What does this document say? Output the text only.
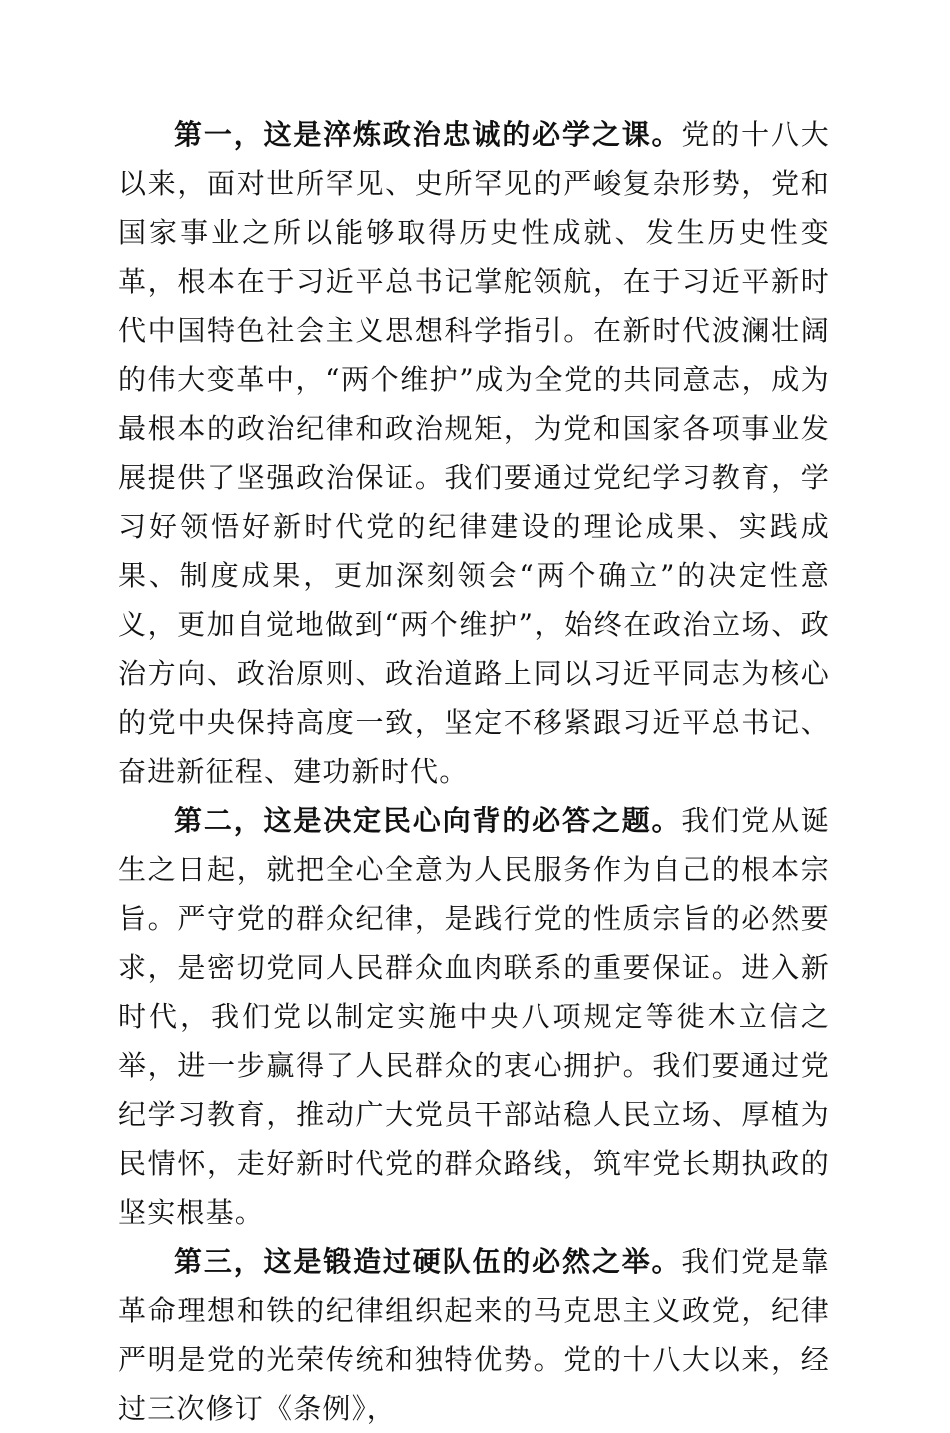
第一，这是淬炼政治忠诚的必学之课。党的十八大以来，面对世所罕见、史所罕见的严峻复杂形势，党和国家事业之所以能够取得历史性成就、发生历史性变革，根本在于习近平总书记掌舵领航，在于习近平新时代中国特色社会主义思想科学指引。在新时代波澜壮阔的伟大变革中，“两个维护”成为全党的共同意志，成为最根本的政治纪律和政治规矩，为党和国家各项事业发展提供了坚强政治保证。我们要通过党纪学习教育，学习好领悟好新时代党的纪律建设的理论成果、实践成果、制度成果，更加深刻领会“两个确立”的决定性意义，更加自觉地做到“两个维护”，始终在政治立场、政治方向、政治原则、政治道路上同以习近平同志为核心的党中央保持高度一致，坚定不移紧跟习近平总书记、奋进新征程、建功新时代。

第二，这是决定民心向背的必答之题。我们党从诞生之日起，就把全心全意为人民服务作为自己的根本宗旨。严守党的群众纪律，是践行党的性质宗旨的必然要求，是密切党同人民群众血肉联系的重要保证。进入新时代，我们党以制定实施中央八项规定等徙木立信之举，进一步赢得了人民群众的衷心拥护。我们要通过党纪学习教育，推动广大党员干部站稳人民立场、厚植为民情怀，走好新时代党的群众路线，筑牢党长期执政的坚实根基。

第三，这是锻造过硬队伍的必然之举。我们党是靠革命理想和铁的纪律组织起来的马克思主义政党，纪律严明是党的光荣传统和独特优势。党的十八大以来，经过三次修订《条例》，
